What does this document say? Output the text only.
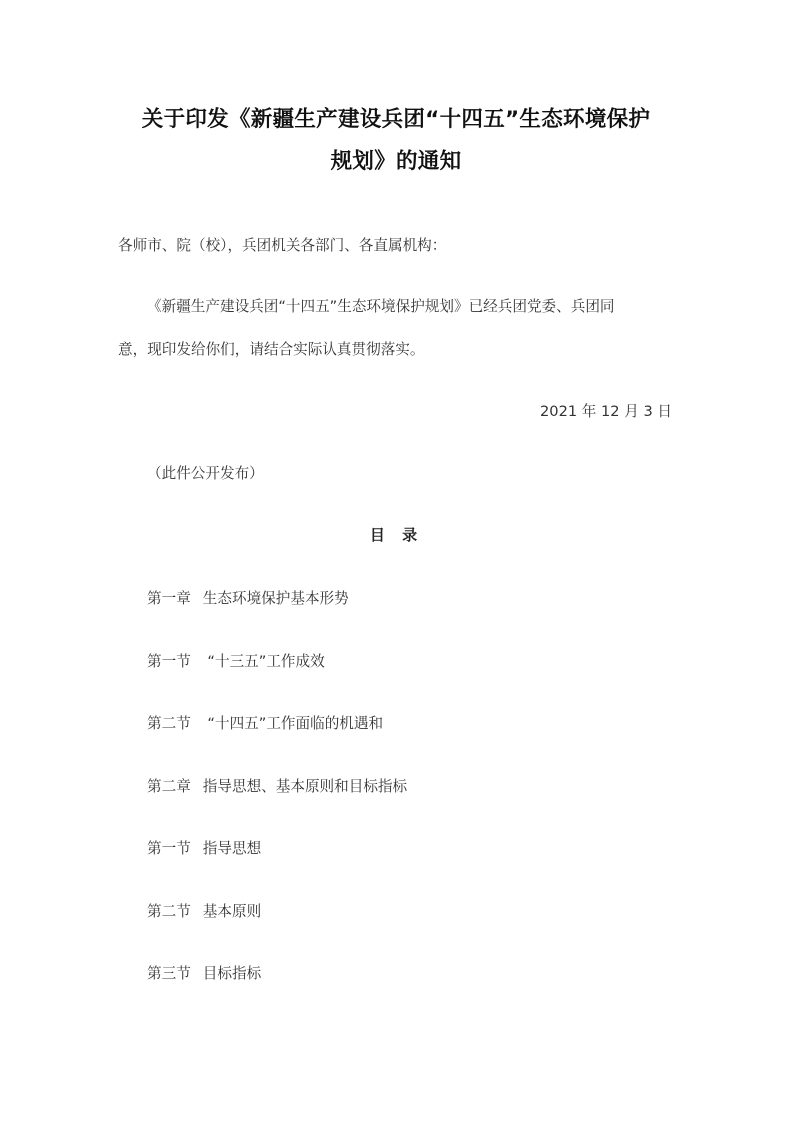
关于印发《新疆生产建设兵团“十四五”生态环境保护
规划》的通知
各师市、院（校），兵团机关各部门、各直属机构：
《新疆生产建设兵团“十四五”生态环境保护规划》已经兵团党委、兵团同
意，现印发给你们，请结合实际认真贯彻落实。
2021 年 12 月 3 日
（此件公开发布）
目 录
第一章 生态环境保护基本形势
第一节 “十三五”工作成效
第二节 “十四五”工作面临的机遇和
第二章 指导思想、基本原则和目标指标
第一节 指导思想
第二节 基本原则
第三节 目标指标
